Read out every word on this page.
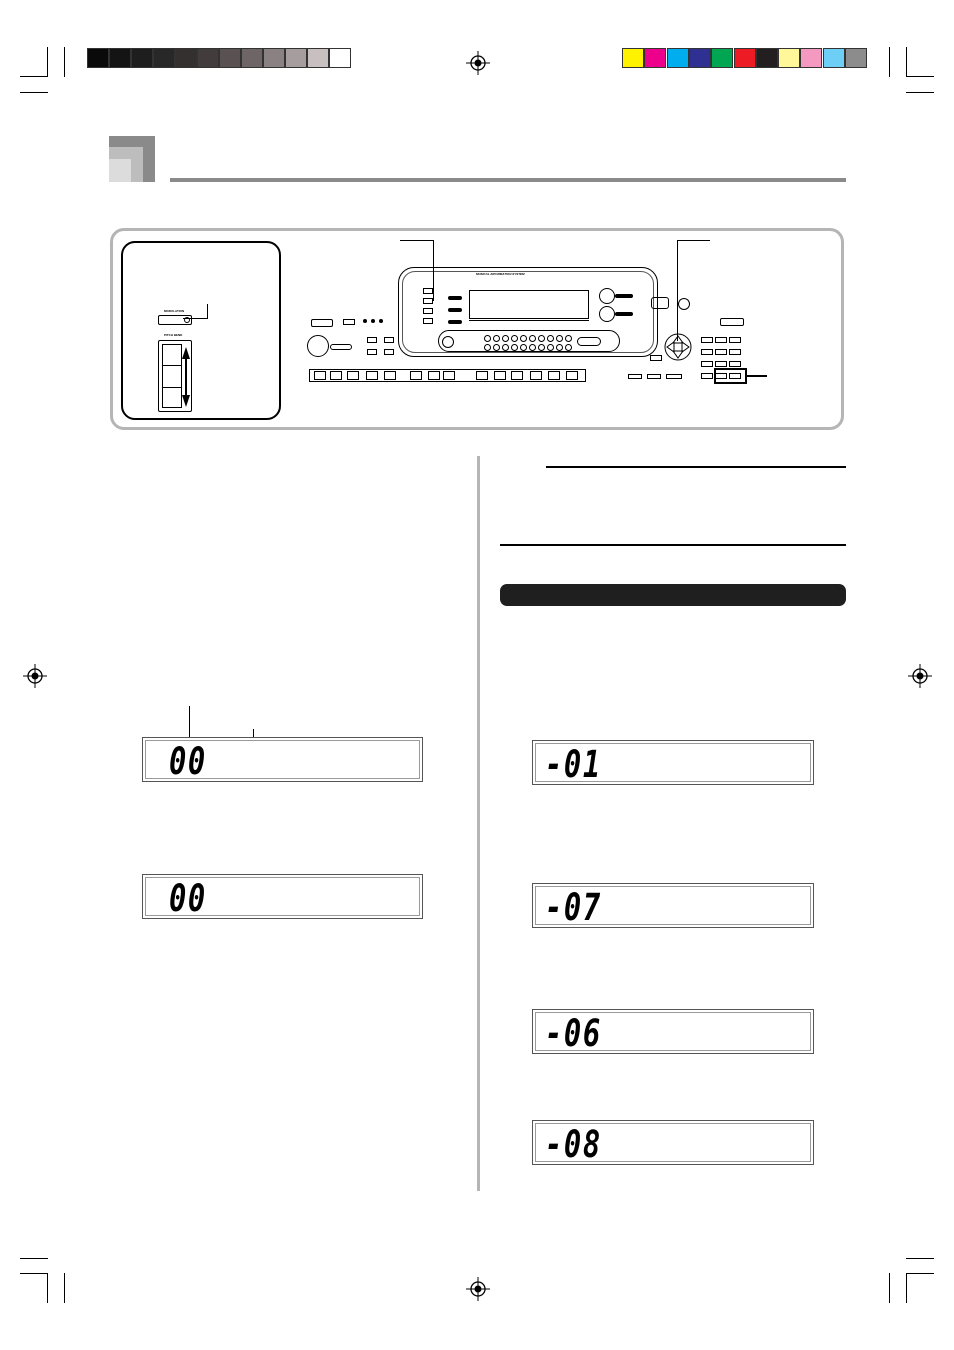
MODULATION
PITCH BEND
MUSICAL INFORMATION SYSTEM
00
00
-01
-07
-06
-08
